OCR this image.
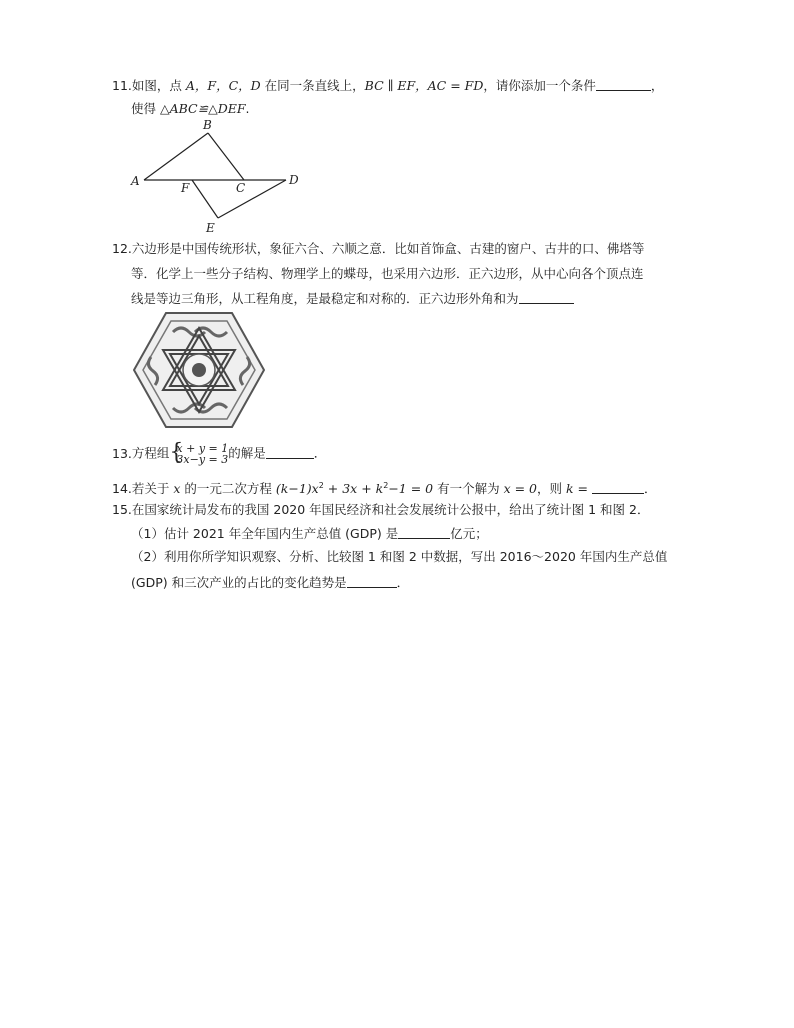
11.如图，点 A，F，C，D 在同一条直线上，BC ∥ EF，AC = FD，请你添加一个条件	，
使得 △ABC≌△DEF.
A
B
C
D
E
F
12.六边形是中国传统形状，象征六合、六顺之意．比如首饰盒、古建的窗户、古井的口、佛塔等
等．化学上一些分子结构、物理学上的蝶母，也采用六边形．正六边形，从中心向各个顶点连
线是等边三角形，从工程角度，是最稳定和对称的．正六边形外角和为
13.方程组 {
x + y = 1
3x−y = 3 的解是	．
14.若关于 x 的一元二次方程 $(k-1)x^2 + 3x + k^2-1 = 0$ 有一个解为 x = 0，则 k =	．
15.在国家统计局发布的我国 2020 年国民经济和社会发展统计公报中，给出了统计图 1 和图 2．
（1）估计 2021 年全年国内生产总值 (GDP) 是	亿元；
（2）利用你所学知识观察、分析、比较图 1 和图 2 中数据，写出 2016～2020 年国内生产总值
(GDP) 和三次产业的占比的变化趋势是	．
